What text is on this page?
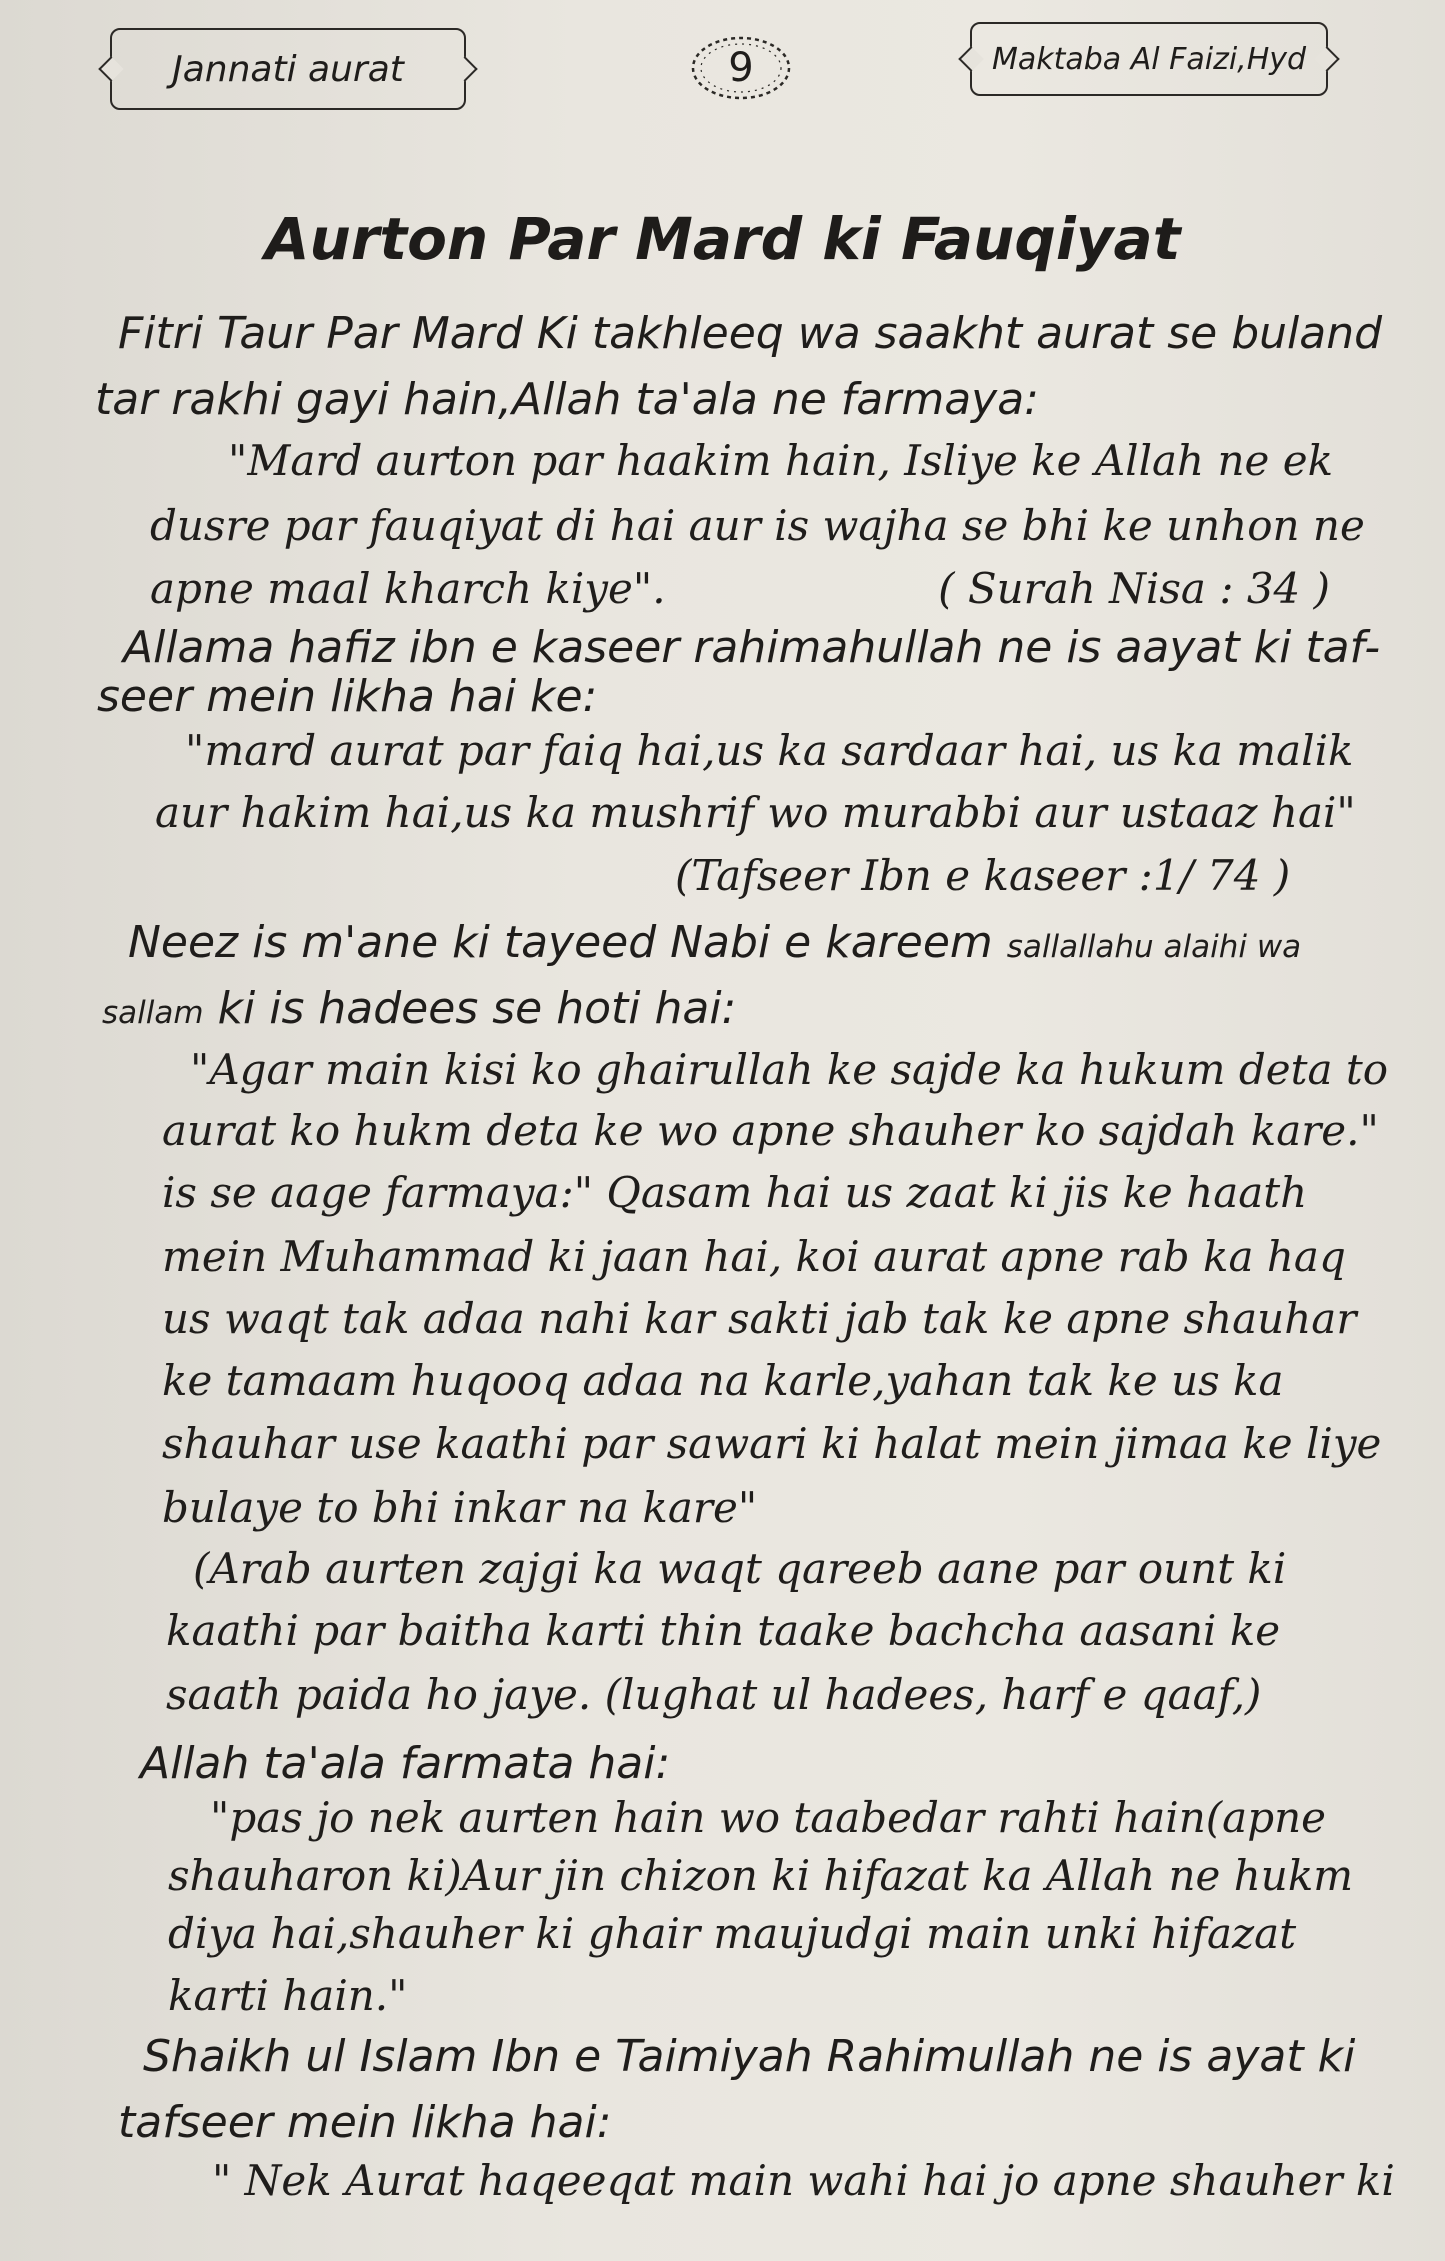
Jannati aurat	9	Maktaba Al Faizi,Hyd
Aurton Par Mard ki Fauqiyat
Fitri Taur Par Mard Ki takhleeq wa saakht aurat se buland
tar rakhi gayi hain,Allah ta'ala ne farmaya:
"Mard aurton par haakim hain, Isliye ke Allah ne ek
dusre par fauqiyat di hai aur is wajha se bhi ke unhon ne
apne maal kharch kiye".	( Surah Nisa : 34 )
Allama hafiz ibn e kaseer rahimahullah ne is aayat ki taf-
seer mein likha hai ke:
"mard aurat par faiq hai,us ka sardaar hai, us ka malik
aur hakim hai,us ka mushrif wo murabbi aur ustaaz hai"
(Tafseer Ibn e kaseer :1/ 74 )
Neez is m'ane ki tayeed Nabi e kareem sallallahu alaihi wa
sallam ki is hadees se hoti hai:
"Agar main kisi ko ghairullah ke sajde ka hukum deta to
aurat ko hukm deta ke wo apne shauher ko sajdah kare."
is se aage farmaya:" Qasam hai us zaat ki jis ke haath
mein Muhammad ki jaan hai, koi aurat apne rab ka haq
us waqt tak adaa nahi kar sakti jab tak ke apne shauhar
ke tamaam huqooq adaa na karle,yahan tak ke us ka
shauhar use kaathi par sawari ki halat mein jimaa ke liye
bulaye to bhi inkar na kare"
(Arab aurten zajgi ka waqt qareeb aane par ount ki
kaathi par baitha karti thin taake bachcha aasani ke
saath paida ho jaye. (lughat ul hadees, harf e qaaf,)
Allah ta'ala farmata hai:
"pas jo nek aurten hain wo taabedar rahti hain(apne
shauharon ki)Aur jin chizon ki hifazat ka Allah ne hukm
diya hai,shauher ki ghair maujudgi main unki hifazat
karti hain."
Shaikh ul Islam Ibn e Taimiyah Rahimullah ne is ayat ki
tafseer mein likha hai:
" Nek Aurat haqeeqat main wahi hai jo apne shauher ki
